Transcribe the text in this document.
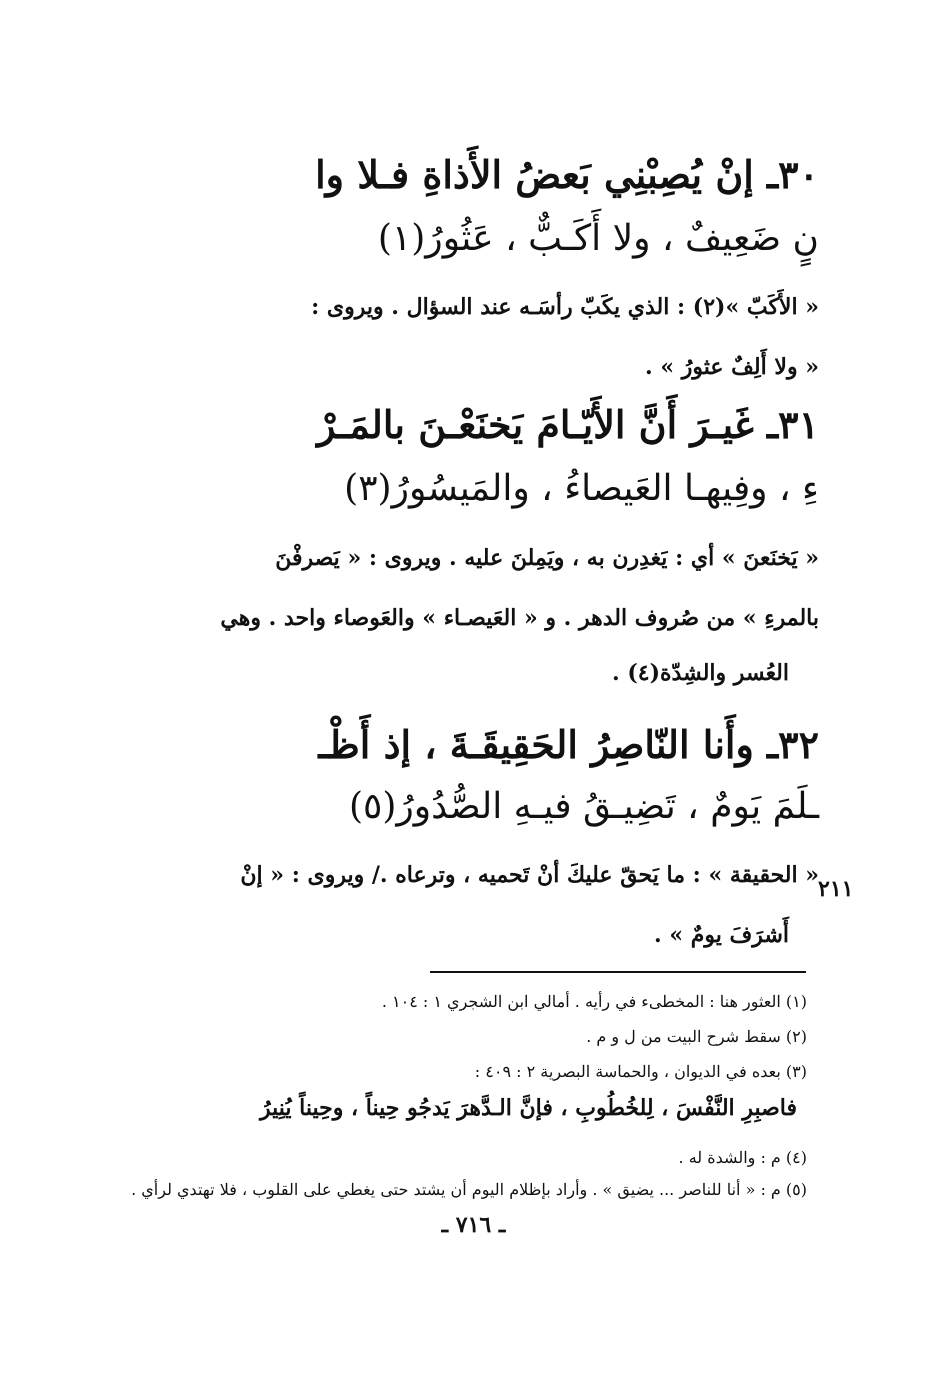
٣٠ـ إنْ يُصِبْنِي بَعضُ الأَذاةِ فـلا وا
نٍ ضَعِيفٌ ، ولا أَكَـبٌّ ، عَثُورُ(١)
« الأَكَبّ »(٢) : الذي يكَبّ رأسَـه عند السؤال . ويروى :
« ولا أَلِفٌ عثورُ » .
٣١ـ غَيـرَ أَنَّ الأَيّـامَ يَخنَعْـنَ بالمَـرْ
ءِ ، وفِيهـا العَيصاءُ ، والمَيسُورُ(٣)
« يَخنَعنَ » أي : يَغدِرن به ، ويَمِلنَ عليه . ويروى : « يَصرفْنَ
بالمرءِ » من صُروف الدهر . و « العَيصـاء » والعَوصاء واحد . وهي
العُسر والشِدّة(٤) .
٣٢ـ وأَنا النّاصِرُ الحَقِيقَـةَ ، إذ أَظْـ
ـلَمَ يَومٌ ، تَضِيـقُ فيـهِ الصُّدُورُ(٥)
« الحقيقة » : ما يَحقّ عليكَ أنْ تَحميه ، وترعاه ./ ويروى : « إنْ
أَشرَفَ يومٌ » .
٢١١
(١) العثور هنا : المخطىء في رأيه . أمالي ابن الشجري ١ : ١٠٤ .
(٢) سقط شرح البيت من ل و م .
(٣) بعده في الديوان ، والحماسة البصرية ٢ : ٤٠٩ :
فاصبِرِ النَّفْسَ ، لِلخُطُوبِ ، فإنَّ الـدَّهرَ يَدجُو حِيناً ، وحِيناً يُنِيرُ
(٤) م : والشدة له .
(٥) م : « أنا للناصر ... يضيق » . وأراد بإظلام اليوم أن يشتد حتى يغطي على القلوب ، فلا تهتدي لرأي .
ـ ٧١٦ ـ
